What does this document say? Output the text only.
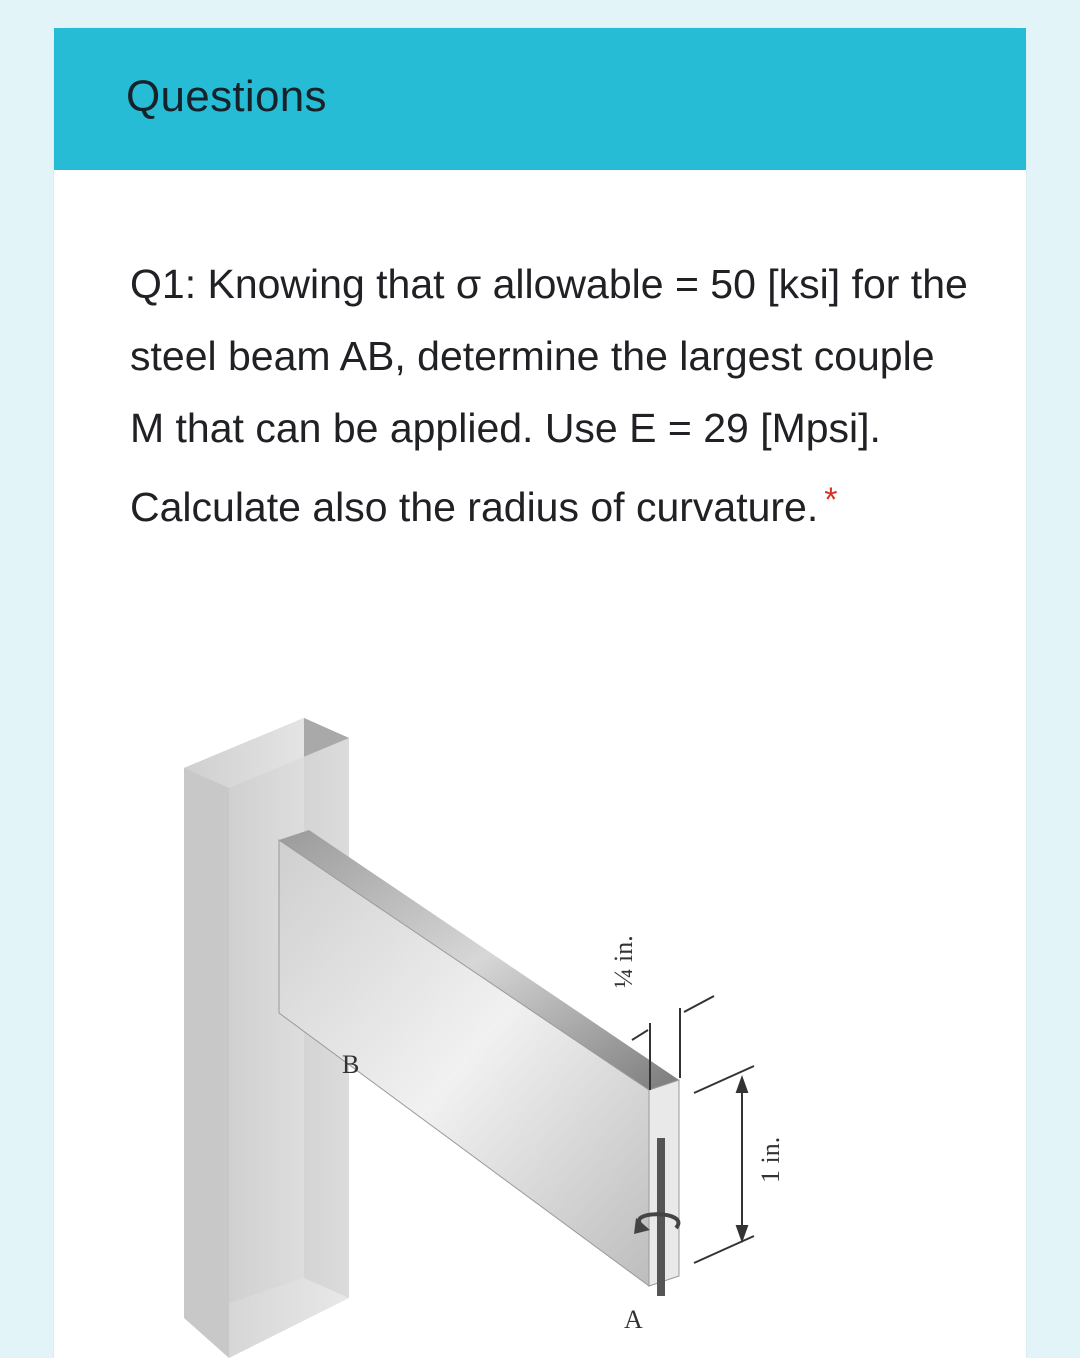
Questions
Q1: Knowing that σ allowable = 50 [ksi] for the steel beam AB, determine the largest couple M that can be applied. Use E = 29 [Mpsi]. Calculate also the radius of curvature. *
¼ in.
1 in.
B
A
